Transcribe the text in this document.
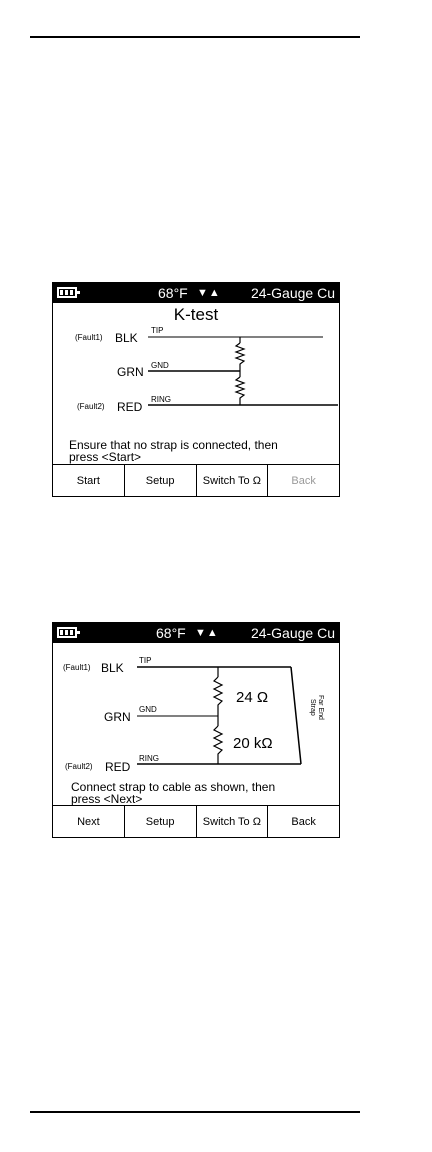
68°F ▼▲ 24-Gauge Cu
K-test
(Fault1) BLK
TIP
GRN GND
(Fault2) RED
RING
Ensure that no strap is connected, then
press <Start>
Start	Setup	Switch To Ω	Back
68°F ▼▲ 24-Gauge Cu
(Fault1) BLK
TIP
GRN
GND
(Fault2) RED
RING
24 Ω
20 kΩ
Far End
Strap
Connect strap to cable as shown, then
press <Next>
Next	Setup	Switch To Ω	Back
